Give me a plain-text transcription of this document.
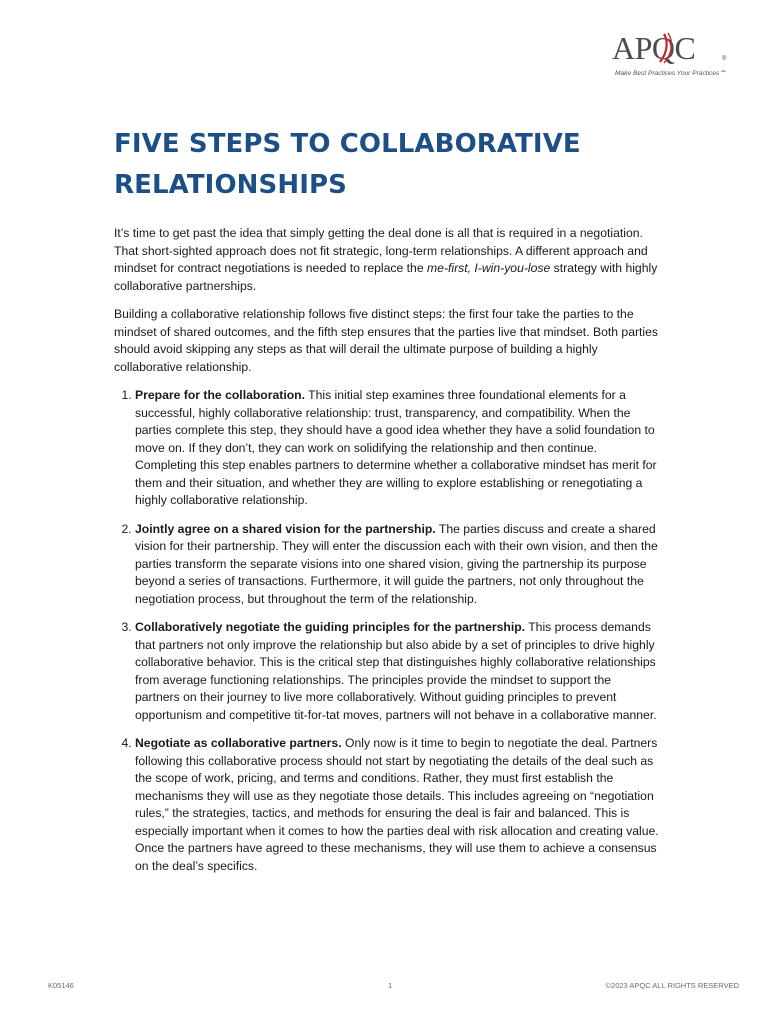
APQC	®
Make Best Practices Your Practices℠
FIVE STEPS TO COLLABORATIVE RELATIONSHIPS

It’s time to get past the idea that simply getting the deal done is all that is required in a negotiation. That short-sighted approach does not fit strategic, long-term relationships. A different approach and mindset for contract negotiations is needed to replace the me-first, I-win-you-lose strategy with highly collaborative partnerships.

Building a collaborative relationship follows five distinct steps: the first four take the parties to the mindset of shared outcomes, and the fifth step ensures that the parties live that mindset. Both parties should avoid skipping any steps as that will derail the ultimate purpose of building a highly collaborative relationship.

1. Prepare for the collaboration. This initial step examines three foundational elements for a successful, highly collaborative relationship: trust, transparency, and compatibility. When the parties complete this step, they should have a good idea whether they have a solid foundation to move on. If they don’t, they can work on solidifying the relationship and then continue. Completing this step enables partners to determine whether a collaborative mindset has merit for them and their situation, and whether they are willing to explore establishing or renegotiating a highly collaborative relationship.
2. Jointly agree on a shared vision for the partnership. The parties discuss and create a shared vision for their partnership. They will enter the discussion each with their own vision, and then the parties transform the separate visions into one shared vision, giving the partnership its purpose beyond a series of transactions. Furthermore, it will guide the partners, not only throughout the negotiation process, but throughout the term of the relationship.
3. Collaboratively negotiate the guiding principles for the partnership. This process demands that partners not only improve the relationship but also abide by a set of principles to drive highly collaborative behavior. This is the critical step that distinguishes highly collaborative relationships from average functioning relationships. The principles provide the mindset to support the partners on their journey to live more collaboratively. Without guiding principles to prevent opportunism and competitive tit-for-tat moves, partners will not behave in a collaborative manner.
4. Negotiate as collaborative partners. Only now is it time to begin to negotiate the deal. Partners following this collaborative process should not start by negotiating the details of the deal such as the scope of work, pricing, and terms and conditions. Rather, they must first establish the mechanisms they will use as they negotiate those details. This includes agreeing on “negotiation rules,” the strategies, tactics, and methods for ensuring the deal is fair and balanced. This is especially important when it comes to how the parties deal with risk allocation and creating value. Once the partners have agreed to these mechanisms, they will use them to achieve a consensus on the deal’s specifics.
K05146	1	©2023 APQC ALL RIGHTS RESERVED
